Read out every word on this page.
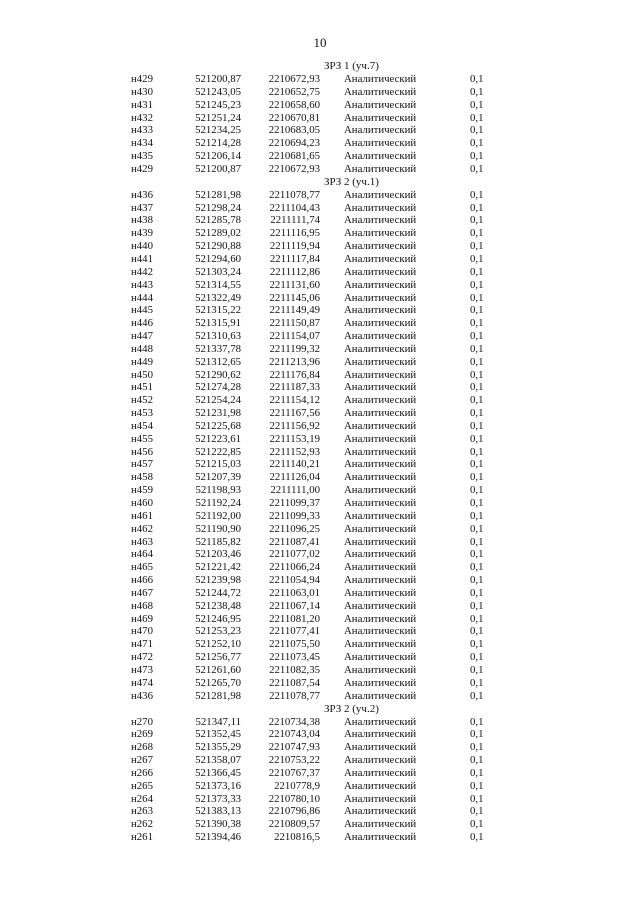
10
ЗРЗ 1 (уч.7)
н429	521200,87	2210672,93 Аналитический	0,1
н430	521243,05	2210652,75 Аналитический	0,1
н431	521245,23	2210658,60 Аналитический	0,1
н432	521251,24	2210670,81 Аналитический	0,1
н433	521234,25	2210683,05 Аналитический	0,1
н434	521214,28	2210694,23 Аналитический	0,1
н435	521206,14	2210681,65 Аналитический	0,1
н429	521200,87	2210672,93 Аналитический	0,1
ЗРЗ 2 (уч.1)
н436	521281,98	2211078,77 Аналитический	0,1
н437	521298,24	2211104,43 Аналитический	0,1
н438	521285,78	2211111,74 Аналитический	0,1
н439	521289,02	2211116,95 Аналитический	0,1
н440	521290,88	2211119,94 Аналитический	0,1
н441	521294,60	2211117,84 Аналитический	0,1
н442	521303,24	2211112,86 Аналитический	0,1
н443	521314,55	2211131,60 Аналитический	0,1
н444	521322,49	2211145,06 Аналитический	0,1
н445	521315,22	2211149,49 Аналитический	0,1
н446	521315,91	2211150,87 Аналитический	0,1
н447	521310,63	2211154,07 Аналитический	0,1
н448	521337,78	2211199,32 Аналитический	0,1
н449	521312,65	2211213,96 Аналитический	0,1
н450	521290,62	2211176,84 Аналитический	0,1
н451	521274,28	2211187,33 Аналитический	0,1
н452	521254,24	2211154,12 Аналитический	0,1
н453	521231,98	2211167,56 Аналитический	0,1
н454	521225,68	2211156,92 Аналитический	0,1
н455	521223,61	2211153,19 Аналитический	0,1
н456	521222,85	2211152,93 Аналитический	0,1
н457	521215,03	2211140,21 Аналитический	0,1
н458	521207,39	2211126,04 Аналитический	0,1
н459	521198,93	2211111,00 Аналитический	0,1
н460	521192,24	2211099,37 Аналитический	0,1
н461	521192,00	2211099,33 Аналитический	0,1
н462	521190,90	2211096,25 Аналитический	0,1
н463	521185,82	2211087,41 Аналитический	0,1
н464	521203,46	2211077,02 Аналитический	0,1
н465	521221,42	2211066,24 Аналитический	0,1
н466	521239,98	2211054,94 Аналитический	0,1
н467	521244,72	2211063,01 Аналитический	0,1
н468	521238,48	2211067,14 Аналитический	0,1
н469	521246,95	2211081,20 Аналитический	0,1
н470	521253,23	2211077,41 Аналитический	0,1
н471	521252,10	2211075,50 Аналитический	0,1
н472	521256,77	2211073,45 Аналитический	0,1
н473	521261,60	2211082,35 Аналитический	0,1
н474	521265,70	2211087,54 Аналитический	0,1
н436	521281,98	2211078,77 Аналитический	0,1
ЗРЗ 2 (уч.2)
н270	521347,11	2210734,38 Аналитический	0,1
н269	521352,45	2210743,04 Аналитический	0,1
н268	521355,29	2210747,93 Аналитический	0,1
н267	521358,07	2210753,22 Аналитический	0,1
н266	521366,45	2210767,37 Аналитический	0,1
н265	521373,16	2210778,9 Аналитический	0,1
н264	521373,33	2210780,10 Аналитический	0,1
н263	521383,13	2210796,86 Аналитический	0,1
н262	521390,38	2210809,57 Аналитический	0,1
н261	521394,46	2210816,5 Аналитический	0,1
